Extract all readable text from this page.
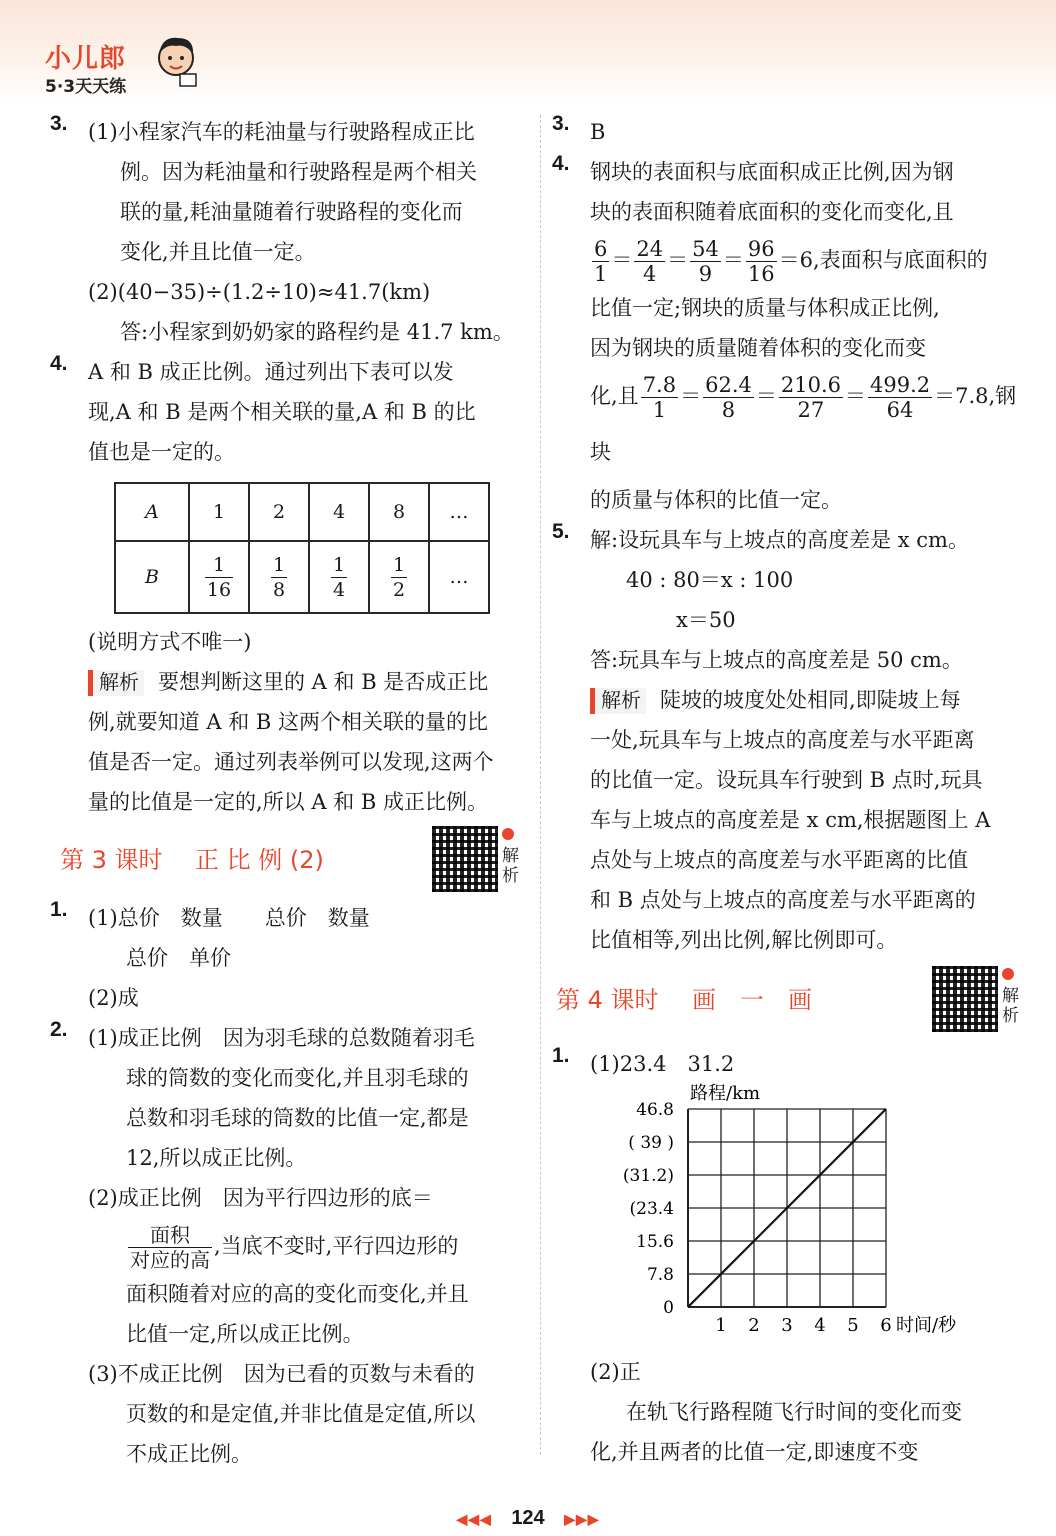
小儿郎
5·3天天练
3. (1)小程家汽车的耗油量与行驶路程成正比

例。因为耗油量和行驶路程是两个相关

联的量,耗油量随着行驶路程的变化而

变化,并且比值一定。

(2)(40−35)÷(1.2÷10)≈41.7(km)

答:小程家到奶奶家的路程约是 41.7 km。

4. A 和 B 成正比例。通过列出下表可以发

现,A 和 B 是两个相关联的量,A 和 B 的比

值也是一定的。

A	1	2	4	8	…
B	$\frac{1}{16}$	$\frac{1}{8}$	$\frac{1}{4}$	$\frac{1}{2}$	…

(说明方式不唯一)

解析 要想判断这里的 A 和 B 是否成正比

例,就要知道 A 和 B 这两个相关联的量的比

值是否一定。通过列表举例可以发现,这两个

量的比值是一定的,所以 A 和 B 成正比例。

第 3 课时 正 比 例 (2)	解析
1. (1)总价　数量　　总价　数量

总价　单价

(2)成

2. (1)成正比例　因为羽毛球的总数随着羽毛

球的筒数的变化而变化,并且羽毛球的

总数和羽毛球的筒数的比值一定,都是

12,所以成正比例。

(2)成正比例　因为平行四边形的底＝

$\frac{\text{面积}}{\text{对应的高}}$ ,当底不变时,平行四边形的

面积随着对应的高的变化而变化,并且

比值一定,所以成正比例。

(3)不成正比例　因为已看的页数与未看的

页数的和是定值,并非比值是定值,所以

不成正比例。

3. B

4. 钢块的表面积与底面积成正比例,因为钢

块的表面积随着底面积的变化而变化,且

$\frac{6}{1} = \frac{24}{4} = \frac{54}{9} = \frac{96}{16} =6$,表面积与底面积的

比值一定;钢块的质量与体积成正比例,

因为钢块的质量随着体积的变化而变

化,且 $\frac{7.8}{1} = \frac{62.4}{8} = \frac{210.6}{27} = \frac{499.2}{64} =7.8$,钢块

的质量与体积的比值一定。

5. 解:设玩具车与上坡点的高度差是 x cm。

40 : 80＝x : 100

x＝50

答:玩具车与上坡点的高度差是 50 cm。

解析 陡坡的坡度处处相同,即陡坡上每

一处,玩具车与上坡点的高度差与水平距离

的比值一定。设玩具车行驶到 B 点时,玩具

车与上坡点的高度差是 x cm,根据题图上 A

点处与上坡点的高度差与水平距离的比值

和 B 点处与上坡点的高度差与水平距离的

比值相等,列出比例,解比例即可。

第 4 课时 画　一　画	解析
1. (1)23.4　31.2

1 2 3 4 5 6
0
7.8
15.6
(23.4
(31.2)
( 39 )
46.8
路程/km
时间/秒

(2)正

在轨飞行路程随飞行时间的变化而变

化,并且两者的比值一定,即速度不变

◀◀◀ 124 ▶▶▶
